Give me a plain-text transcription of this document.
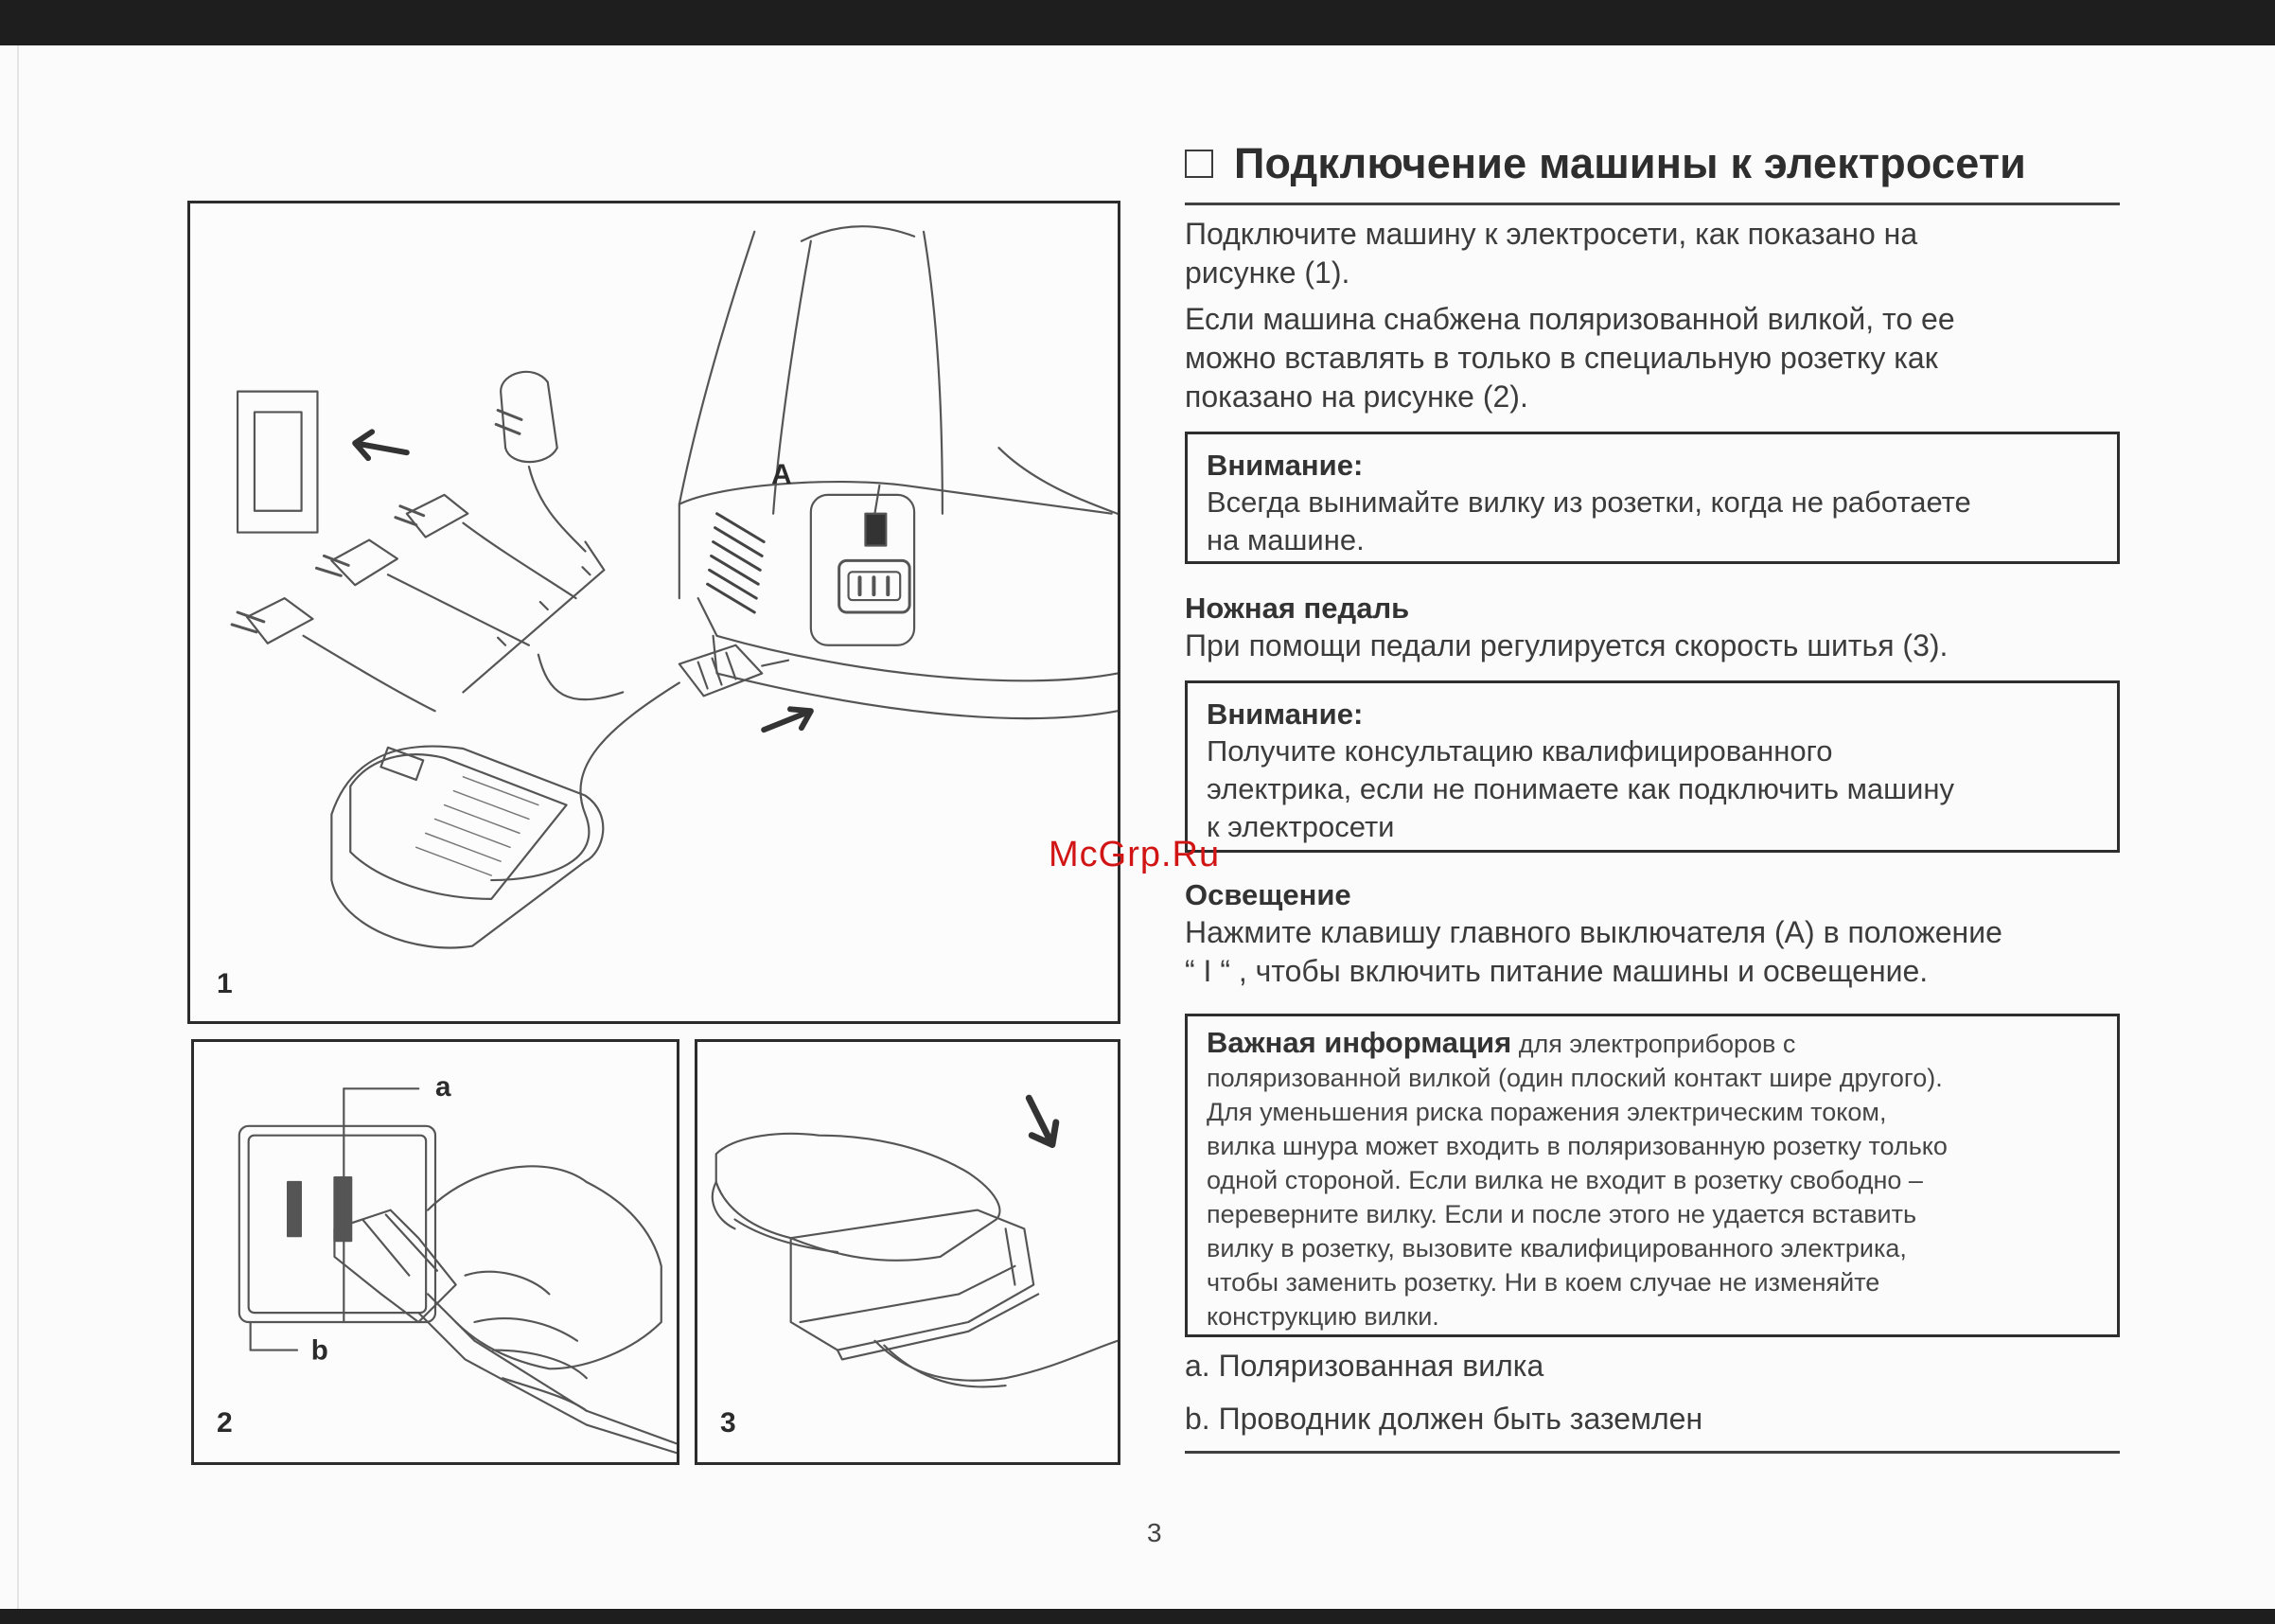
A
1
a
b
2	3
Подключение машины к электросети

Подключите машину к электросети, как показано на

рисунке (1).

Если машина снабжена поляризованной вилкой, то ее

можно вставлять в только в специальную розетку как

показано на рисунке (2).

Внимание:
Всегда вынимайте вилку из розетки, когда не работаете
на машине.
Ножная педаль

При помощи педали регулируется скорость шитья (3).

Внимание:
Получите консультацию квалифицированного
электрика, если не понимаете как подключить машину
к электросети
Освещение

Нажмите клавишу главного выключателя (A) в положение

“ I “ , чтобы включить питание машины и освещение.

Важная информация для электроприборов с
поляризованной вилкой (один плоский контакт шире другого).
Для уменьшения риска поражения электрическим током,
вилка шнура может входить в поляризованную розетку только
одной стороной. Если вилка не входит в розетку свободно –
переверните вилку. Если и после этого не удается вставить
вилку в розетку, вызовите квалифицированного электрика,
чтобы заменить розетку. Ни в коем случае не изменяйте
конструкцию вилки.
a. Поляризованная вилка
b. Проводник должен быть заземлен
McGrp.Ru
3
